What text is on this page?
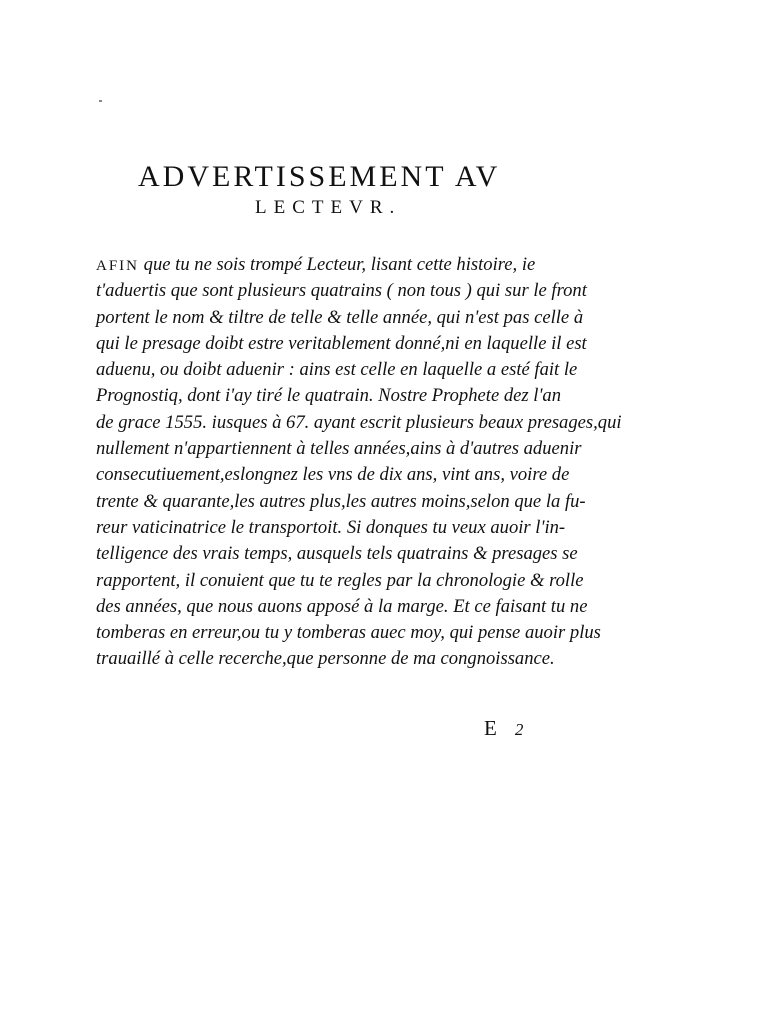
ADVERTISSEMENT AV
LECTEVR.
AFIN que tu ne sois trompé Lecteur, lisant cette histoire, ie
t'aduertis que sont plusieurs quatrains ( non tous ) qui sur le front
portent le nom & tiltre de telle & telle année, qui n'est pas celle à
qui le presage doibt estre veritablement donné,ni en laquelle il est
aduenu, ou doibt aduenir : ains est celle en laquelle a esté fait le
Prognostiq, dont i'ay tiré le quatrain. Nostre Prophete dez l'an
de grace 1555. iusques à 67. ayant escrit plusieurs beaux presages,qui
nullement n'appartiennent à telles années,ains à d'autres aduenir
consecutiuement,eslongnez les vns de dix ans, vint ans, voire de
trente & quarante,les autres plus,les autres moins,selon que la fu-
reur vaticinatrice le transportoit. Si donques tu veux auoir l'in-
telligence des vrais temps, ausquels tels quatrains & presages se
rapportent, il conuient que tu te regles par la chronologie & rolle
des années, que nous auons apposé à la marge. Et ce faisant tu ne
tomberas en erreur,ou tu y tomberas auec moy, qui pense auoir plus
trauaillé à celle recerche,que personne de ma congnoissance.
E 2
